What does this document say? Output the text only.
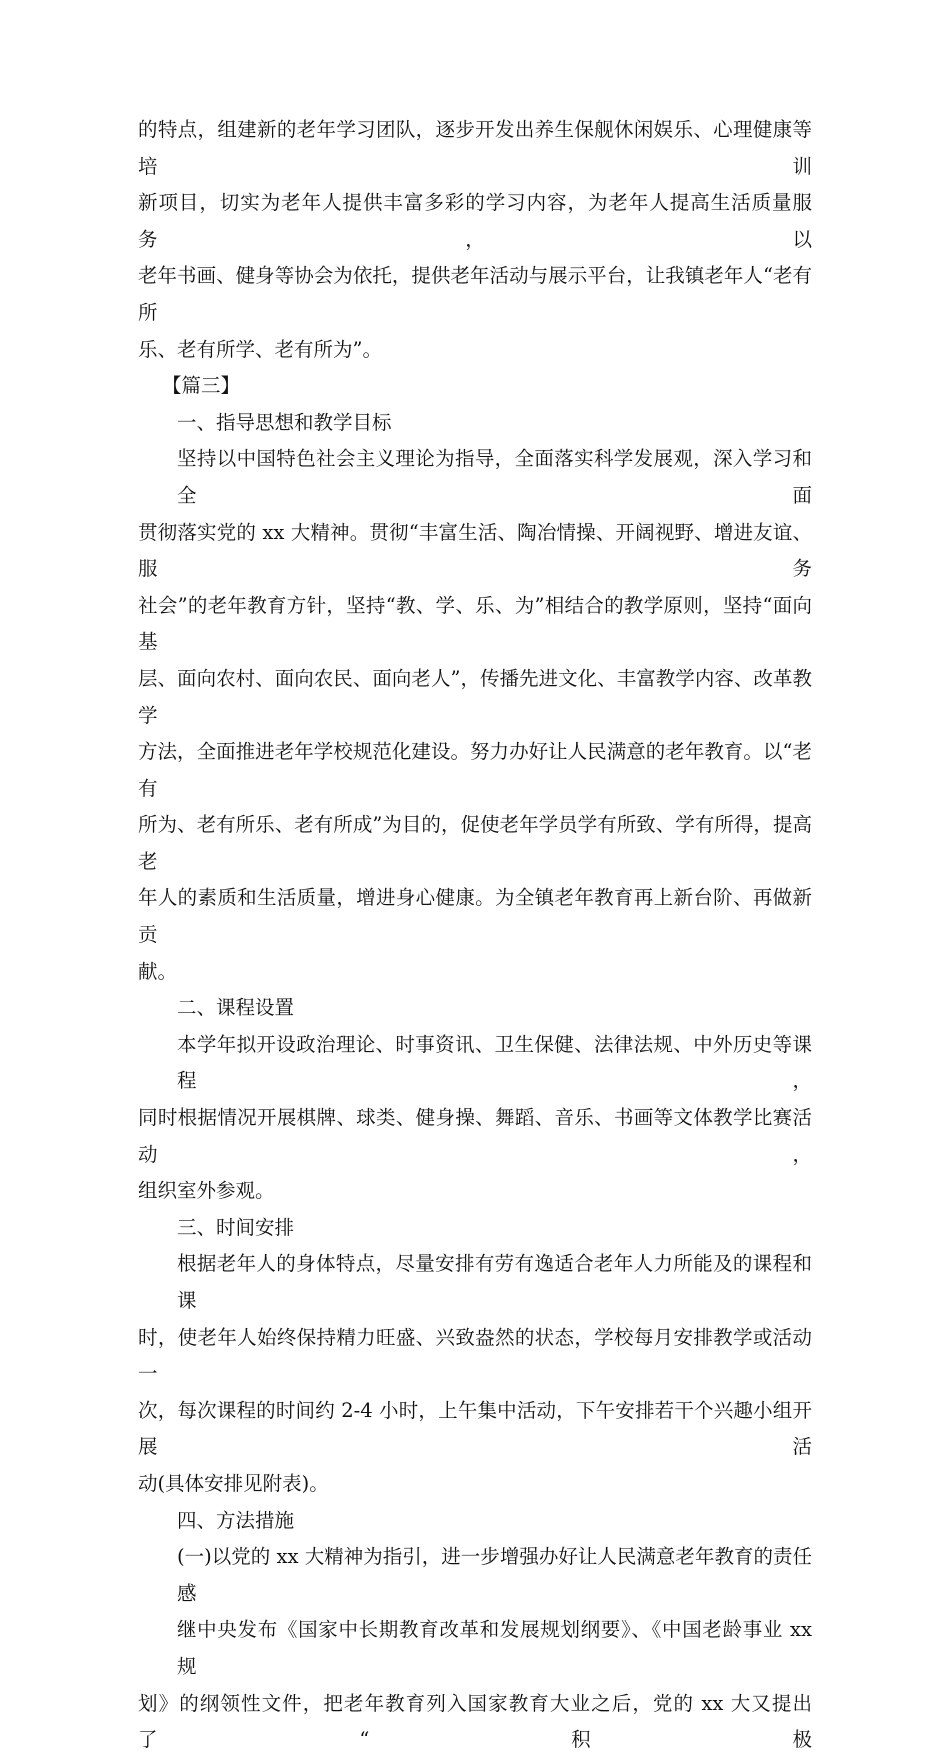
的特点，组建新的老年学习团队，逐步开发出养生保舰休闲娱乐、心理健康等培训

新项目，切实为老年人提供丰富多彩的学习内容，为老年人提高生活质量服务，以

老年书画、健身等协会为依托，提供老年活动与展示平台，让我镇老年人“老有所

乐、老有所学、老有所为”。

【篇三】

一、指导思想和教学目标

坚持以中国特色社会主义理论为指导，全面落实科学发展观，深入学习和全面

贯彻落实党的 xx 大精神。贯彻“丰富生活、陶冶情操、开阔视野、增进友谊、服务

社会”的老年教育方针，坚持“教、学、乐、为”相结合的教学原则，坚持“面向基

层、面向农村、面向农民、面向老人”，传播先进文化、丰富教学内容、改革教学

方法，全面推进老年学校规范化建设。努力办好让人民满意的老年教育。以“老有

所为、老有所乐、老有所成”为目的，促使老年学员学有所致、学有所得，提高老

年人的素质和生活质量，增进身心健康。为全镇老年教育再上新台阶、再做新贡

献。

二、课程设置

本学年拟开设政治理论、时事资讯、卫生保健、法律法规、中外历史等课程，

同时根据情况开展棋牌、球类、健身操、舞蹈、音乐、书画等文体教学比赛活动，

组织室外参观。

三、时间安排

根据老年人的身体特点，尽量安排有劳有逸适合老年人力所能及的课程和课

时，使老年人始终保持精力旺盛、兴致盎然的状态，学校每月安排教学或活动一

次，每次课程的时间约 2-4 小时，上午集中活动，下午安排若干个兴趣小组开展活

动(具体安排见附表)。

四、方法措施

(一)以党的 xx 大精神为指引，进一步增强办好让人民满意老年教育的责任感

继中央发布《国家中长期教育改革和发展规划纲要》、《中国老龄事业 xx 规

划》的纲领性文件，把老年教育列入国家教育大业之后，党的 xx 大又提出了“积极
